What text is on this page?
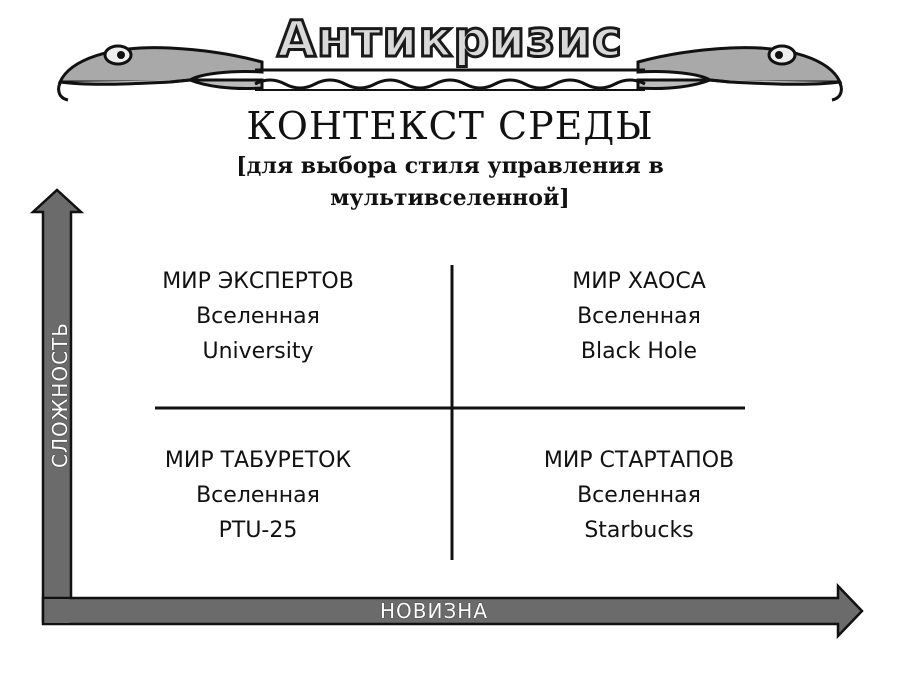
Антикризис
КОНТЕКСТ СРЕДЫ
[для выбора стиля управления в мультивселенной]
СЛОЖНОСТЬ
НОВИЗНА
МИР ЭКСПЕРТОВ
Вселенная
University
МИР ХАОСА
Вселенная
Black Hole
МИР ТАБУРЕТОК
Вселенная
PTU-25
МИР СТАРТАПОВ
Вселенная
Starbucks
